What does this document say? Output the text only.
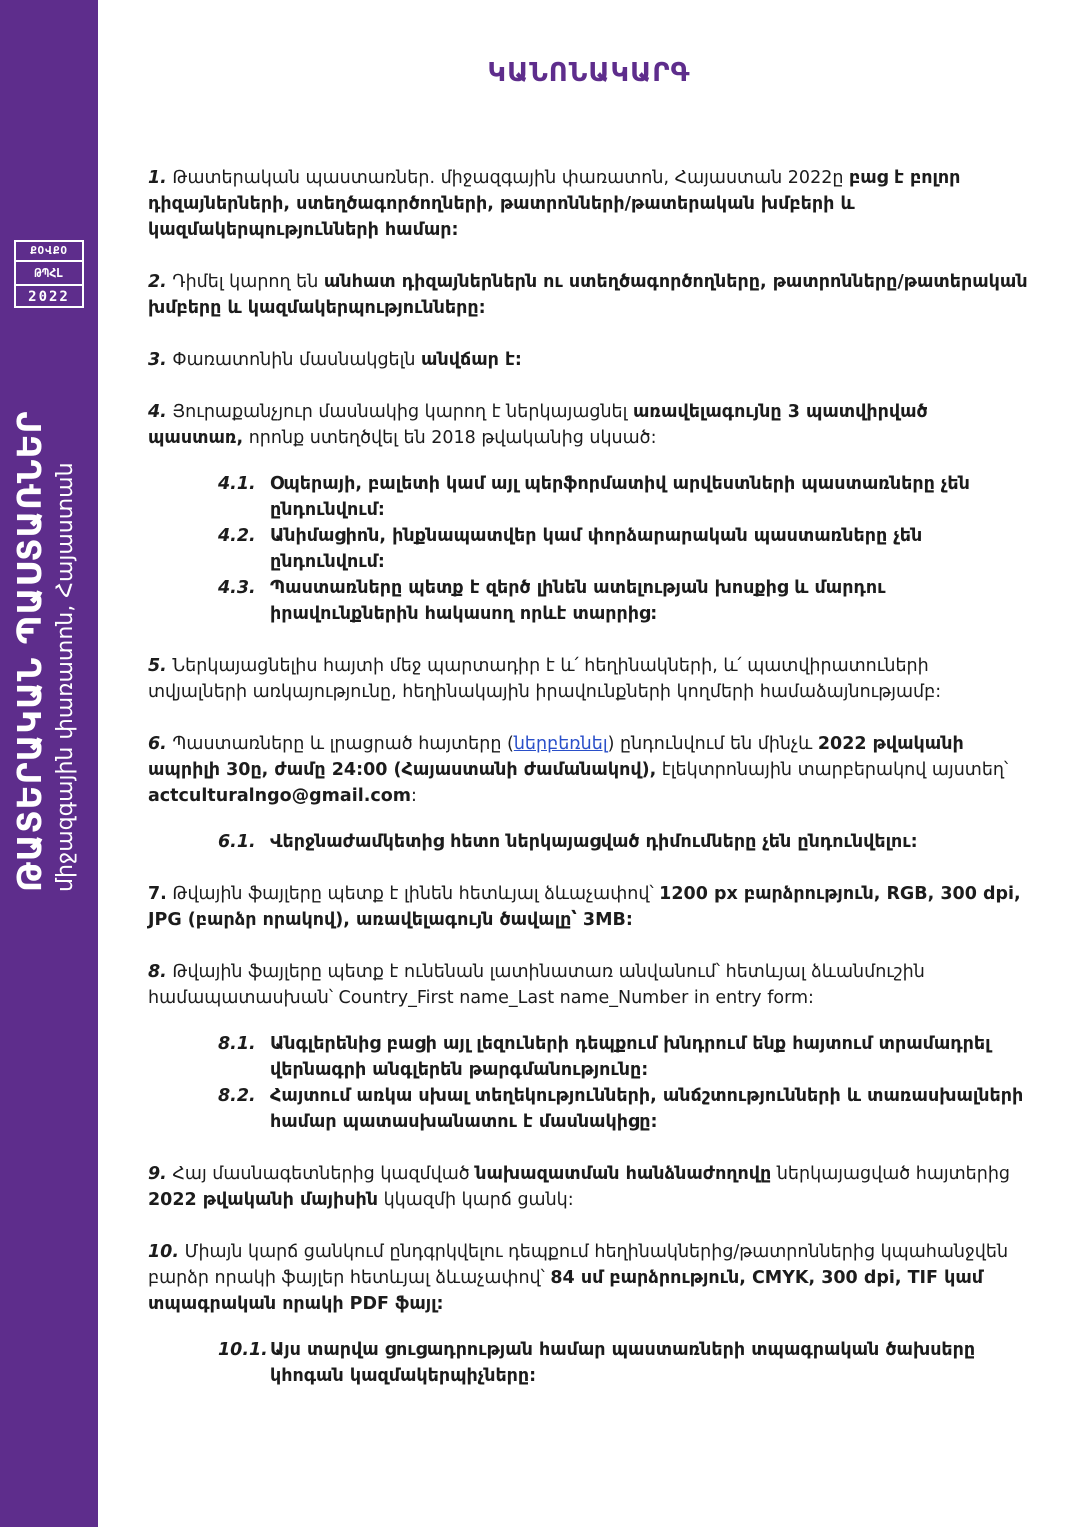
ՔՕՎՔՕ
ԹՊՀԼ
2022
ԹԱՏԵՐԱԿԱՆ ՊԱՍՏԱՌՆԵՐ միջազգային փառատոն, Հայաստան
ԿԱՆՈՆԱԿԱՐԳ

1. Թատերական պաստառներ. միջազգային փառատոն, Հայաստան 2022ը բաց է բոլոր դիզայներների, ստեղծագործողների, թատրոնների/թատերական խմբերի և կազմակերպությունների համար:

2. Դիմել կարող են անհատ դիզայներներն ու ստեղծագործողները, թատրոնները/թատերական խմբերը և կազմակերպությունները:

3. Փառատոնին մասնակցելն անվճար է:

4. Յուրաքանչյուր մասնակից կարող է ներկայացնել առավելագույնը 3 պատվիրված պաստառ, որոնք ստեղծվել են 2018 թվականից սկսած:

4.1. Օպերայի, բալետի կամ այլ պերֆորմատիվ արվեստների պաստառները չեն ընդունվում:
4.2. Անիմացիոն, ինքնապատվեր կամ փորձարարական պաստառները չեն ընդունվում:
4.3. Պաստառները պետք է զերծ լինեն ատելության խոսքից և մարդու իրավունքներին հակասող որևէ տարրից:

5. Ներկայացնելիս հայտի մեջ պարտադիր է և՛ հեղինակների, և՛ պատվիրատուների տվյալների առկայությունը, հեղինակային իրավունքների կողմերի համաձայնությամբ:

6. Պաստառները և լրացրած հայտերը (ներբեռնել) ընդունվում են մինչև 2022 թվականի ապրիլի 30ը, ժամը 24:00 (Հայաստանի ժամանակով), էլեկտրոնային տարբերակով այստեղ՝ actculturalngo@gmail.com:

6.1. Վերջնաժամկետից հետո ներկայացված դիմումները չեն ընդունվելու:

7. Թվային ֆայլերը պետք է լինեն հետևյալ ձևաչափով՝ 1200 px բարձրություն, RGB, 300 dpi, JPG (բարձր որակով), առավելագույն ծավալը՝ 3MB:

8. Թվային ֆայլերը պետք է ունենան լատինատառ անվանում՝ հետևյալ ձևանմուշին համապատասխան՝ Country_First name_Last name_Number in entry form:

8.1. Անգլերենից բացի այլ լեզուների դեպքում խնդրում ենք հայտում տրամադրել վերնագրի անգլերեն թարգմանությունը:
8.2. Հայտում առկա սխալ տեղեկությունների, անճշտությունների և տառասխալների համար պատասխանատու է մասնակիցը:

9. Հայ մասնագետներից կազմված նախազատման հանձնաժողովը ներկայացված հայտերից 2022 թվականի մայիսին կկազմի կարճ ցանկ:

10. Միայն կարճ ցանկում ընդգրկվելու դեպքում հեղինակներից/թատրոններից կպահանջվեն բարձր որակի ֆայլեր հետևյալ ձևաչափով՝ 84 սմ բարձրություն, CMYK, 300 dpi, TIF կամ տպագրական որակի PDF ֆայլ:

10.1. Այս տարվա ցուցադրության համար պաստառների տպագրական ծախսերը կհոգան կազմակերպիչները:
